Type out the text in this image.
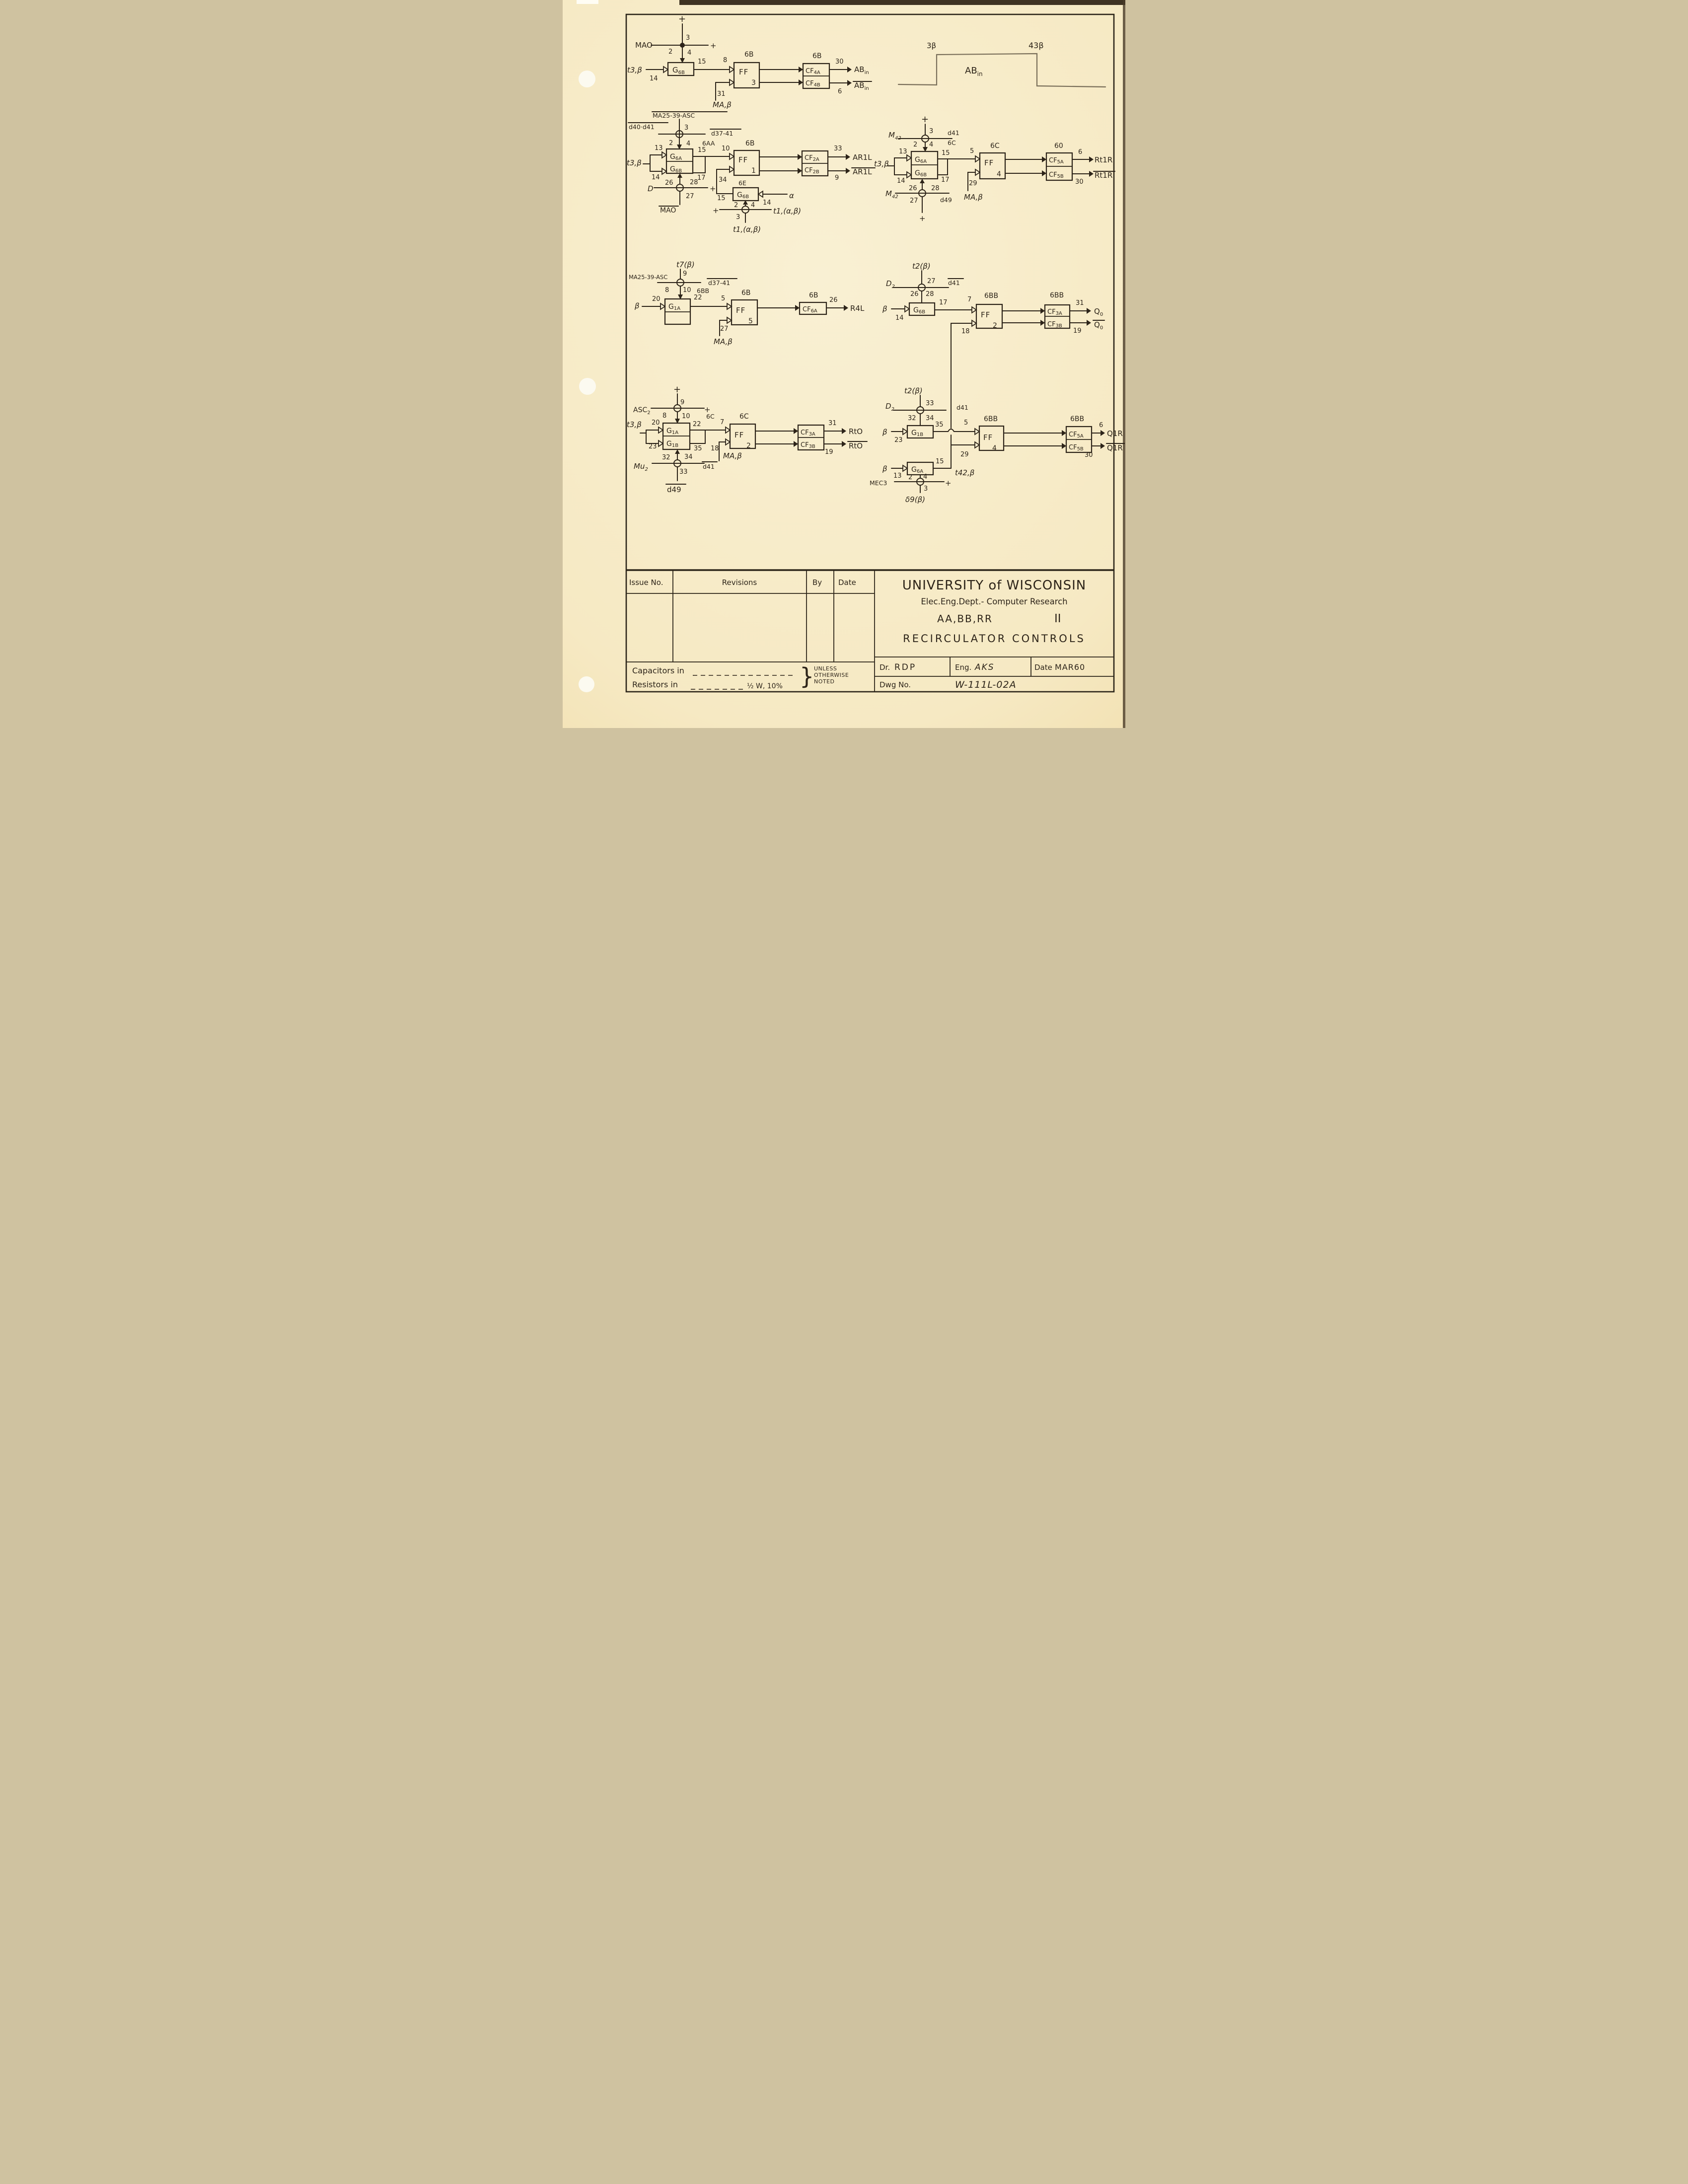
+
MAO	+
3
2 4
t3,β
14
$G_{6B}$
15	8
6B
FF
3
31
MA,β
6B
CF4A
CF4B
30
$AB_{in}$
6
$AB_{in}$
3β	43β
$AB_{in}$
MA25-39-ASC
d40·d41	3
2 4 6AA
d37-41
13
t3,β
14
G6A
G6B
15
17
10
6B
FF
1
34
CF2A
CF2B
33
AR1L
9
AR1L
D
26	28
+
27
MAO
6E
G6B
15
14
α
2 4
+
3
t1,(α,β)
t1,(α,β)
+
$M_{42}$
3 d41
2 4 6C
13
t3,β
14
G6A
G6B
15
17
5
6C
FF
4
29
MA,β
$M_{42}$
26 28
27	d49
+
60
CF5A
CF5B
6
Rt1R
30
Rt1R
t7(β)
MA25-39-ASC 9
8 10 6BB
d37-41
β
20
G1A
22	5
6B
FF
5
27
MA,β
6B
CF6A
26
R4L
t2(β)
$D_2$
27 d41
26 28
β
14
G6B
17	7 6BB
FF
2
18
6BB
CF3A
CF3B
31
$Q_0$
19
$Q_0$
t2(β)
$D_2$
33
32 34
d41
β
23
G1B
35	5 6BB
FF
4
29
t42,β
β
13
G6A
15
MEC3
2 4
+
3
δ9(β)
6BB
CF5A
CF5B
6
Q1R
30
Q1R
+
$ASC_2$
9
8 10
+
6C
t3,β 20
23
G1A
G1B
22
35
7
6C
FF
2
18
MA,β
d41
$Mu_2$
32 34
33
d49
CF3A
CF3B
31
RtO
19
RtO
Issue No.	Revisions	By Date
Capacitors in
Resistors in	½ W, 10% } UNLESS
OTHERWISE
NOTED
UNIVERSITY of WISCONSIN
Elec.Eng.Dept.- Computer Research
AA,BB,RR	II
RECIRCULATOR CONTROLS
Dr. RDP	Eng. AKS	Date MAR60
Dwg No.	W-111L-02A
